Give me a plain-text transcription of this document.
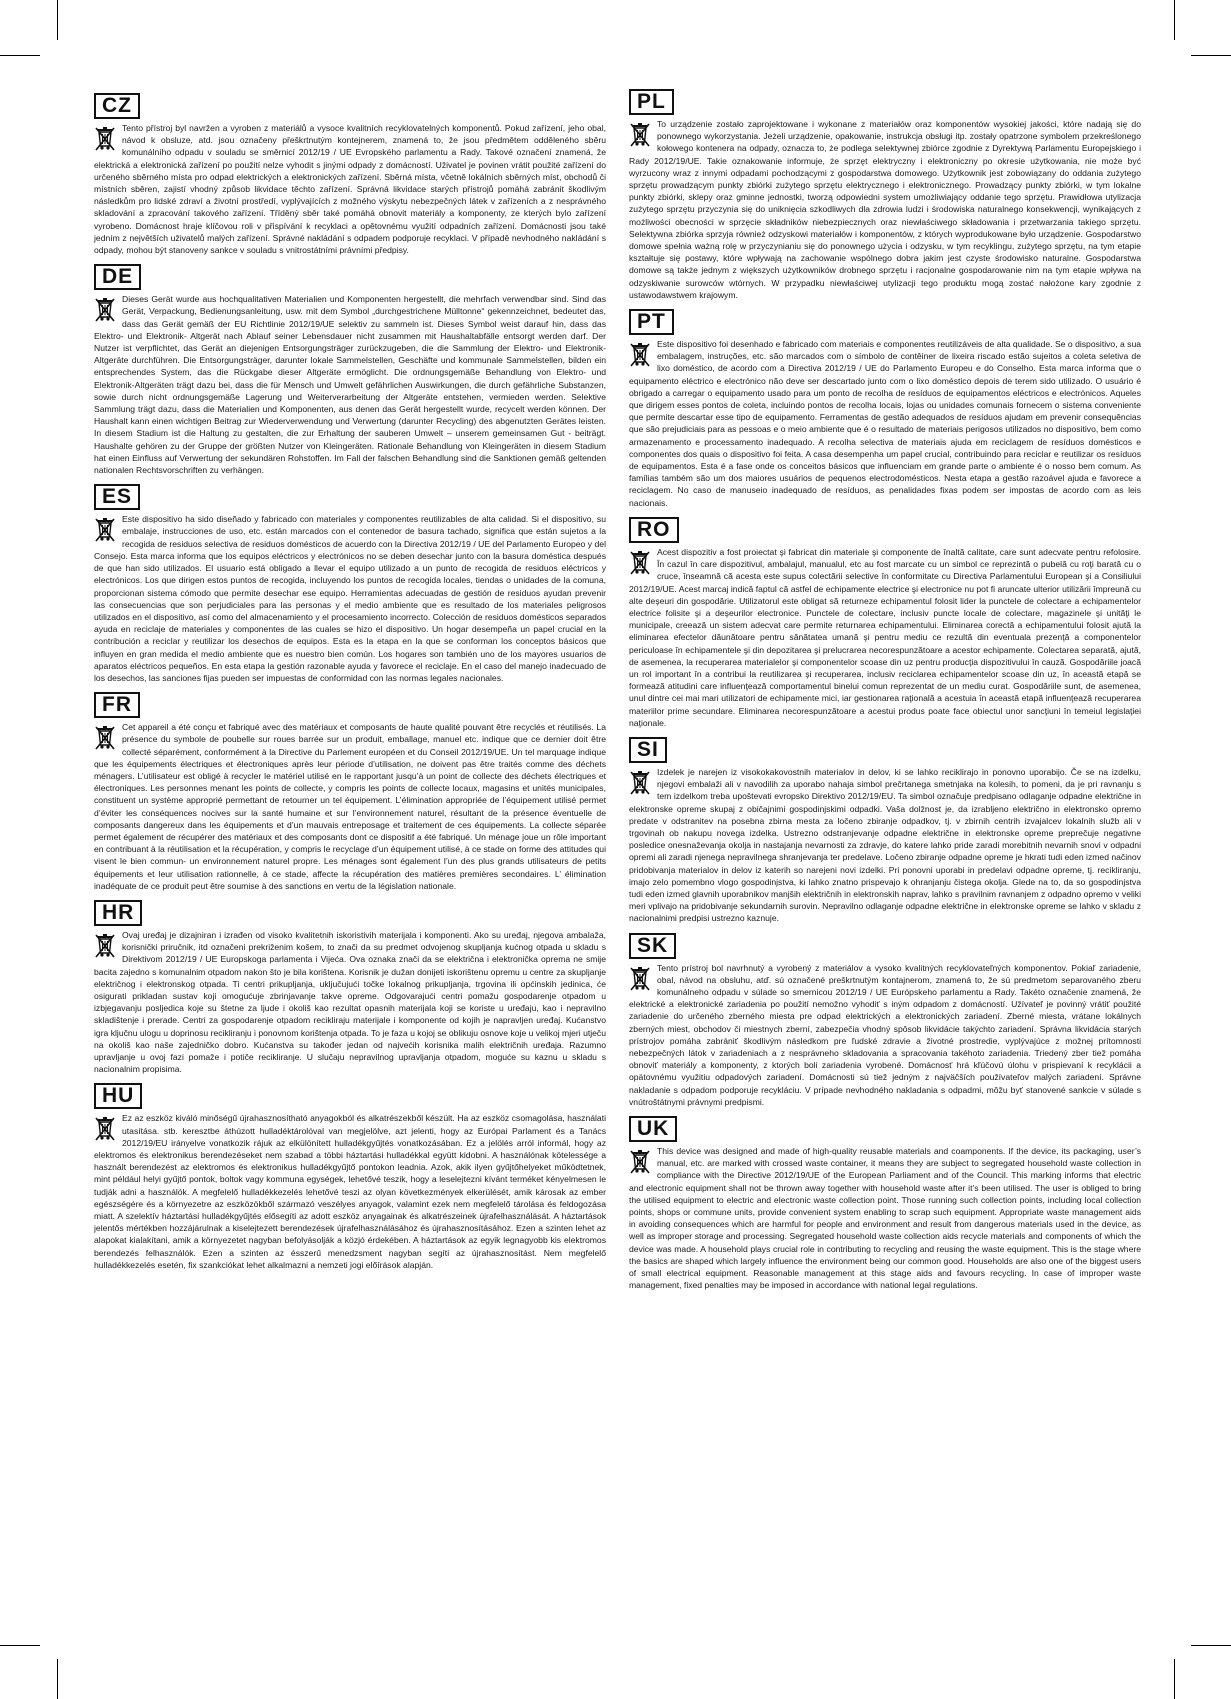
CZ
Tento přístroj byl navržen a vyroben z materiálů a vysoce kvalitních recyklovatelných komponentů. Pokud zařízení, jeho obal, návod k obsluze, atd. jsou označeny přeškrtnutým kontejnerem, znamená to, že jsou předmětem odděleného sběru komunálního odpadu v souladu se směrnicí 2012/19 / UE Evropského parlamentu a Rady. Takové označení znamená, že elektrická a elektronická zařízení po použití nelze vyhodit s jinými odpady z domácností. Uživatel je povinen vrátit použité zařízení do určeného sběrného místa pro odpad elektrických a elektronických zařízení. Sběrná místa, včetně lokálních sběrných míst, obchodů či místních sběren, zajistí vhodný způsob likvidace těchto zařízení. Správná likvidace starých přístrojů pomáhá zabránit škodlivým následkům pro lidské zdraví a životní prostředí, vyplývajících z možného výskytu nebezpečných látek v zařízeních a z nesprávného skladování a zpracování takového zařízení. Tříděný sběr také pomáhá obnovit materiály a komponenty, ze kterých bylo zařízení vyrobeno. Domácnost hraje klíčovou roli v přispívání k recyklaci a opětovnému využití odpadních zařízení. Domácnosti jsou také jedním z největších uživatelů malých zařízení. Správné nakládání s odpadem podporuje recyklaci. V případě nevhodného nakládání s odpady, mohou být stanoveny sankce v souladu s vnitrostátními právními předpisy.
DE
Dieses Gerät wurde aus hochqualitativen Materialien und Komponenten hergestellt, die mehrfach verwendbar sind. Sind das Gerät, Verpackung, Bedienungsanleitung, usw. mit dem Symbol „durchgestrichene Mülltonne“ gekennzeichnet, bedeutet das, dass das Gerät gemäß der EU Richtlinie 2012/19/UE selektiv zu sammeln ist. Dieses Symbol weist darauf hin, dass das Elektro- und Elektronik- Altgerät nach Ablauf seiner Lebensdauer nicht zusammen mit Haushaltabfälle entsorgt werden darf. Der Nutzer ist verpflichtet, das Gerät an diejenigen Entsorgungsträger zurückzugeben, die die Sammlung der Elektro- und Elektronik-Altgeräte durchführen. Die Entsorgungsträger, darunter lokale Sammelstellen, Geschäfte und kommunale Sammelstellen, bilden ein entsprechendes System, das die Rückgabe dieser Altgeräte ermöglicht. Die ordnungsgemäße Behandlung von Elektro- und Elektronik-Altgeräten trägt dazu bei, dass die für Mensch und Umwelt gefährlichen Auswirkungen, die durch gefährliche Substanzen, sowie durch nicht ordnungsgemäße Lagerung und Weiterverarbeitung der Altgeräte entstehen, vermieden werden. Selektive Sammlung trägt dazu, dass die Materialien und Komponenten, aus denen das Gerät hergestellt wurde, recycelt werden können. Der Haushalt kann einen wichtigen Beitrag zur Wiederverwendung und Verwertung (darunter Recycling) des abgenutzten Gerätes leisten. In diesem Stadium ist die Haltung zu gestalten, die zur Erhaltung der sauberen Umwelt – unserem gemeinsamen Gut - beiträgt. Haushalte gehören zu der Gruppe der größten Nutzer von Kleingeräten. Rationale Behandlung von Kleingeräten in diesem Stadium hat einen Einfluss auf Verwertung der sekundären Rohstoffen. Im Fall der falschen Behandlung sind die Sanktionen gemäß geltenden nationalen Rechtsvorschriften zu verhängen.
ES
Este dispositivo ha sido diseñado y fabricado con materiales y componentes reutilizables de alta calidad. Si el dispositivo, su embalaje, instrucciones de uso, etc. están marcados con el contenedor de basura tachado, significa que están sujetos a la recogida de residuos selectiva de residuos domésticos de acuerdo con la Directiva 2012/19 / UE del Parlamento Europeo y del Consejo. Esta marca informa que los equipos eléctricos y electrónicos no se deben desechar junto con la basura doméstica después de que han sido utilizados. El usuario está obligado a llevar el equipo utilizado a un punto de recogida de residuos eléctricos y electrónicos. Los que dirigen estos puntos de recogida, incluyendo los puntos de recogida locales, tiendas o unidades de la comuna, proporcionan sistema cómodo que permite desechar ese equipo. Herramientas adecuadas de gestión de residuos ayudan prevenir las consecuencias que son perjudiciales para las personas y el medio ambiente que es resultado de los materiales peligrosos utilizados en el dispositivo, así como del almacenamiento y el procesamiento incorrecto. Colección de residuos domésticos separados ayuda en reciclaje de materiales y componentes de las cuales se hizo el dispositivo. Un hogar desempeña un papel crucial en la contribución a reciclar y reutilizar los desechos de equipos. Esta es la etapa en la que se conforman los conceptos básicos que influyen en gran medida el medio ambiente que es nuestro bien común. Los hogares son también uno de los mayores usuarios de aparatos eléctricos pequeños. En esta etapa la gestión razonable ayuda y favorece el reciclaje. En el caso del manejo inadecuado de los desechos, las sanciones fijas pueden ser impuestas de conformidad con las normas legales nacionales.
FR
Cet appareil a été conçu et fabriqué avec des matériaux et composants de haute qualité pouvant être recyclés et réutilisés. La présence du symbole de poubelle sur roues barrée sur un produit, emballage, manuel etc. indique que ce dernier doit être collecté séparément, conformément à la Directive du Parlement européen et du Conseil 2012/19/UE. Un tel marquage indique que les équipements électriques et électroniques après leur période d’utilisation, ne doivent pas être traités comme des déchets ménagers. L’utilisateur est obligé à recycler le matériel utilisé en le rapportant jusqu’à un point de collecte des déchets électriques et électroniques. Les personnes menant les points de collecte, y compris les points de collecte locaux, magasins et unités municipales, constituent un système approprié permettant de retourner un tel équipement. L’élimination appropriée de l’équipement utilisé permet d’éviter les conséquences nocives sur la santé humaine et sur l’environnement naturel, résultant de la présence éventuelle de composants dangereux dans les équipements et d’un mauvais entreposage et traitement de ces équipements. La collecte séparée permet également de récupérer des matériaux et des composants dont ce dispositif a été fabriqué. Un ménage joue un rôle important en contribuant à la réutilisation et la récupération, y compris le recyclage d’un équipement utilisé, à ce stade on forme des attitudes qui visent le bien commun- un environnement naturel propre. Les ménages sont également l’un des plus grands utilisateurs de petits équipements et leur utilisation rationnelle, à ce stade, affecte la récupération des matières premières secondaires. L’ élimination inadéquate de ce produit peut être soumise à des sanctions en vertu de la législation nationale.
HR
Ovaj uređaj je dizajniran i izrađen od visoko kvalitetnih iskoristivih materijala i komponenti. Ako su uređaj, njegova ambalaža, korisnički priručnik, itd označeni prekriženim košem, to znači da su predmet odvojenog skupljanja kućnog otpada u skladu s Direktivom 2012/19 / UE Europskoga parlamenta i Vijeća. Ova oznaka znači da se električna i elektronička oprema ne smije bacita zajedno s komunalnim otpadom nakon što je bila korištena. Korisnik je dužan donijeti iskorištenu opremu u centre za skupljanje električnog i elektronskog otpada. Ti centri prikupljanja, uključujući točke lokalnog prikupljanja, trgovina ili općinskih jedinica, će osigurati prikladan sustav koji omogućuje zbrinjavanje takve opreme. Odgovarajući centri pomažu gospodarenje otpadom u izbjegavanju posljedica koje su štetne za ljude i okoliš kao rezultat opasnih materijala koji se koriste u uređaju, kao i nepravilno skladištenje i prerade. Centri za gospodarenje otpadom recikliraju materijale i komponente od kojih je napravljen uređaj. Kućanstvo igra ključnu ulogu u doprinosu recikliranju i ponovnom korištenja otpada. To je faza u kojoj se oblikuju osnove koje u velikoj mjeri utječu na okoliš kao naše zajedničko dobro. Kućanstva su također jedan od najvećih korisnika malih električnih uređaja. Razumno upravljanje u ovoj fazi pomaže i potiče recikliranje. U slučaju nepravilnog upravljanja otpadom, moguće su kaznu u skladu s nacionalnim propisima.
HU
Ez az eszköz kiváló minőségű újrahasznosítható anyagokból és alkatrészekből készült. Ha az eszköz csomagolása, használati utasítása. stb. keresztbe áthúzott hulladéktárolóval van megjelölve, azt jelenti, hogy az Európai Parlament és a Tanács 2012/19/EU irányelve vonatkozik rájuk az elkülönített hulladékgyűjtés vonatkozásában. Ez a jelölés arról informál, hogy az elektromos és elektronikus berendezéseket nem szabad a többi háztartási hulladékkal együtt kidobni. A használónak kötelessége a használt berendezést az elektromos és elektronikus hulladékgyűjtő pontokon leadnia. Azok, akik ilyen gyűjtőhelyeket működtetnek, mint például helyi gyűjtő pontok, boltok vagy kommuna egységek, lehetővé teszik, hogy a leselejtezni kívánt terméket kényelmesen le tudják adni a használók. A megfelelő hulladékkezelés lehetővé teszi az olyan következmények elkerülését, amik károsak az ember egészségére és a környezetre az eszközökből származó veszélyes anyagok, valamint ezek nem megfelelő tárolása és feldogozása miatt. A szelektív háztartási hulladékgyűjtés elősegíti az adott eszköz anyagainak és alkatrészeinek újrafelhasználását. A háztartások jelentős mértékben hozzájárulnak a kiselejtezett berendezések újrafelhasználásához és újrahasznosításához. Ezen a szinten lehet az alapokat kialakítani, amik a környezetet nagyban befolyásolják a közjó érdekében. A háztartások az egyik legnagyobb kis elektromos berendezés felhasználók. Ezen a szinten az ésszerű menedzsment nagyban segíti az újrahasznosítást. Nem megfelelő hulladékkezelés esetén, fix szankciókat lehet alkalmazni a nemzeti jogi előírások alapján.
PL
To urządzenie zostało zaprojektowane i wykonane z materiałów oraz komponentów wysokiej jakości, które nadają się do ponownego wykorzystania. Jeżeli urządzenie, opakowanie, instrukcja obsługi itp. zostały opatrzone symbolem przekreślonego kołowego kontenera na odpady, oznacza to, że podlega selektywnej zbiórce zgodnie z Dyrektywą Parlamentu Europejskiego i Rady 2012/19/UE. Takie oznakowanie informuje, że sprzęt elektryczny i elektroniczny po okresie użytkowania, nie może być wyrzucony wraz z innymi odpadami pochodzącymi z gospodarstwa domowego. Użytkownik jest zobowiązany do oddania zużytego sprzętu prowadzącym punkty zbiórki zużytego sprzętu elektrycznego i elektronicznego. Prowadzący punkty zbiórki, w tym lokalne punkty zbiórki, sklepy oraz gminne jednostki, tworzą odpowiedni system umożliwiający oddanie tego sprzętu. Prawidłowa utylizacja zużytego sprzętu przyczynia się do uniknięcia szkodliwych dla zdrowia ludzi i środowiska naturalnego konsekwencji, wynikających z możliwości obecności w sprzęcie składników niebezpiecznych oraz niewłaściwego składowania i przetwarzania takiego sprzętu. Selektywna zbiórka sprzyja również odzyskowi materiałów i komponentów, z których wyprodukowane było urządzenie. Gospodarstwo domowe spełnia ważną rolę w przyczynianiu się do ponownego użycia i odzysku, w tym recyklingu, zużytego sprzętu, na tym etapie kształtuje się postawy, które wpływają na zachowanie wspólnego dobra jakim jest czyste środowisko naturalne. Gospodarstwa domowe są także jednym z większych użytkowników drobnego sprzętu i racjonalne gospodarowanie nim na tym etapie wpływa na odzyskiwanie surowców wtórnych. W przypadku niewłaściwej utylizacji tego produktu mogą zostać nałożone kary zgodnie z ustawodawstwem krajowym.
PT
Este dispositivo foi desenhado e fabricado com materiais e componentes reutilizáveis de alta qualidade. Se o dispositivo, a sua embalagem, instruções, etc. são marcados com o símbolo de contêiner de lixeira riscado estão sujeitos a coleta seletiva de lixo doméstico, de acordo com a Directiva 2012/19 / UE do Parlamento Europeu e do Conselho. Esta marca informa que o equipamento eléctrico e electrónico não deve ser descartado junto com o lixo doméstico depois de terem sido utilizado. O usuário é obrigado a carregar o equipamento usado para um ponto de recolha de resíduos de equipamentos eléctricos e electrónicos. Aqueles que dirigem esses pontos de coleta, incluindo pontos de recolha locais, lojas ou unidades comunais fornecem o sistema conveniente que permite descartar esse tipo de equipamento. Ferramentas de gestão adequados de resíduos ajudam em prevenir consequências que são prejudiciais para as pessoas e o meio ambiente que é o resultado de materiais perigosos utilizados no dispositivo, bem como armazenamento e processamento inadequado. A recolha selectiva de materiais ajuda em reciclagem de resíduos domésticos e componentes dos quais o dispositivo foi feita. A casa desempenha um papel crucial, contribuindo para reciclar e reutilizar os resíduos de equipamentos. Esta é a fase onde os conceitos básicos que influenciam em grande parte o ambiente é o nosso bem comum. As famílias também são um dos maiores usuários de pequenos electrodomésticos. Nesta etapa a gestão razoável ajuda e favorece a reciclagem. No caso de manuseio inadequado de resíduos, as penalidades fixas podem ser impostas de acordo com as leis nacionais.
RO
Acest dispozitiv a fost proiectat şi fabricat din materiale şi componente de înaltă calitate, care sunt adecvate pentru refolosire. În cazul în care dispozitivul, ambalajul, manualul, etc au fost marcate cu un simbol ce reprezintă o pubelă cu roţi barată cu o cruce, înseamnă că acesta este supus colectării selective în conformitate cu Directiva Parlamentului European şi a Consiliului 2012/19/UE. Acest marcaj indică faptul că astfel de echipamente electrice şi electronice nu pot fi aruncate ulterior utilizării împreună cu alte deşeuri din gospodărie. Utilizatorul este obligat să returneze echipamentul folosit lider la punctele de colectare a echipamentelor electrice folisite şi a deşeurilor electronice. Punctele de colectare, inclusiv puncte locale de colectare, magazinele şi unităţi le municipale, creează un sistem adecvat care permite returnarea echipamentului. Eliminarea corectă a echipamentului folosit ajută la eliminarea efectelor dăunătoare pentru sănătatea umană şi pentru mediu ce rezultă din eventuala prezenţă a componentelor periculoase în echipamentele şi din depozitarea şi prelucrarea necorespunzătoare a acestor echipamente. Colectarea separată, ajută, de asemenea, la recuperarea materialelor şi componentelor scoase din uz pentru producţia dispozitivului în cauză. Gospodăriile joacă un rol important în a contribui la reutilizarea şi recuperarea, inclusiv reciclarea echipamentelor scoase din uz, în această etapă se formează atitudini care influenţează comportamentul binelui comun reprezentat de un mediu curat. Gospodăriile sunt, de asemenea, unul dintre cei mai mari utilizatori de echipamente mici, iar gestionarea raţională a acestuia în această etapă influenţează recuperarea materiilor prime secundare. Eliminarea necorespunzătoare a acestui produs poate face obiectul unor sancţiuni în temeiul legislaţiei naţionale.
SI
Izdelek je narejen iz visokokakovostnih materialov in delov, ki se lahko reciklirajo in ponovno uporabijo. Če se na izdelku, njegovi embalaži ali v navodilih za uporabo nahaja simbol prečrtanega smetnjaka na kolesih, to pomeni, da je pri ravnanju s tem izdelkom treba upoštevati evropsko Direktivo 2012/19/EU. Ta simbol označuje predpisano odlaganje odpadne električne in elektronske opreme skupaj z običajnimi gospodinjskimi odpadki. Vaša dolžnost je, da izrabljeno električno in elektronsko opremo predate v odstranitev na posebna zbirna mesta za ločeno zbiranje odpadkov, tj. v zbirnih centrih izvajalcev lokalnih služb ali v trgovinah ob nakupu novega izdelka. Ustrezno odstranjevanje odpadne električne in elektronske opreme preprečuje negativne posledice onesnaževanja okolja in nastajanja nevarnosti za zdravje, do katere lahko pride zaradi morebitnih nevarnih snovi v odpadni opremi ali zaradi njenega nepravilnega shranjevanja ter predelave. Ločeno zbiranje odpadne opreme je hkrati tudi eden izmed načinov pridobivanja materialov in delov iz katerih so narejeni novi izdelki. Pri ponovni uporabi in predelavi odpadne opreme, tj. recikliranju, imajo zelo pomembno vlogo gospodinjstva, ki lahko znatno prispevajo k ohranjanju čistega okolja. Glede na to, da so gospodinjstva tudi eden izmed glavnih uporabnikov manjših električnih in elektronskih naprav, lahko s pravilnim ravnanjem z odpadno opremo v veliki meri vplivajo na pridobivanje sekundarnih surovin. Nepravilno odlaganje odpadne električne in elektronske opreme se lahko v skladu z nacionalnimi predpisi ustrezno kaznuje.
SK
Tento prístroj bol navrhnutý a vyrobený z materiálov a vysoko kvalitných recyklovateľných komponentov. Pokiaľ zariadenie, obal, návod na obsluhu, atď. sú označené preškrtnutým kontajnerom, znamená to, že sú predmetom separovaného zberu komunálneho odpadu v súlade so smernicou 2012/19 / UE Európskeho parlamentu a Rady. Takéto označenie znamená, že elektrické a elektronické zariadenia po použití nemožno vyhodiť s iným odpadom z domácností. Užívateľ je povinný vrátiť použité zariadenie do určeného zberného miesta pre odpad elektrických a elektronických zariadení. Zberné miesta, vrátane lokálnych zberných miest, obchodov či miestnych zberní, zabezpečia vhodný spôsob likvidácie takýchto zariadení. Správna likvidácia starých prístrojov pomáha zabrániť škodlivým následkom pre ľudské zdravie a životné prostredie, vyplývajúce z možnej prítomnosti nebezpečných látok v zariadeniach a z nesprávneho skladovania a spracovania takéhoto zariadenia. Triedený zber tiež pomáha obnoviť materiály a komponenty, z ktorých boli zariadenia vyrobené. Domácnosť hrá kľúčovú úlohu v prispievaní k recyklácii a opätovnému využitiu odpadových zariadení. Domácnosti sú tiež jedným z najväčších používateľov malých zariadení. Správne nakladanie s odpadom podporuje recykláciu. V prípade nevhodného nakladania s odpadmi, môžu byť stanovené sankcie v súlade s vnútroštátnymi právnymi predpismi.
UK
This device was designed and made of high-quality reusable materials and coamponents. If the device, its packaging, user’s manual, etc. are marked with crossed waste container, it means they are subject to segregated household waste collection in compliance with the Directive 2012/19/UE of the European Parliament and of the Council. This marking informs that electric and electronic equipment shall not be thrown away together with household waste after it’s been utilised. The user is obliged to bring the utilised equipment to electric and electronic waste collection point. Those running such collection points, including local collection points, shops or commune units, provide convenient system enabling to scrap such equipment. Appropriate waste management aids in avoiding consequences which are harmful for people and environment and result from dangerous materials used in the device, as well as improper storage and processing. Segregated household waste collection aids recycle materials and components of which the device was made. A household plays crucial role in contributing to recycling and reusing the waste equipment. This is the stage where the basics are shaped which largely influence the environment being our common good. Households are also one of the biggest users of small electrical equipment. Reasonable management at this stage aids and favours recycling. In case of improper waste management, fixed penalties may be imposed in accordance with national legal regulations.
